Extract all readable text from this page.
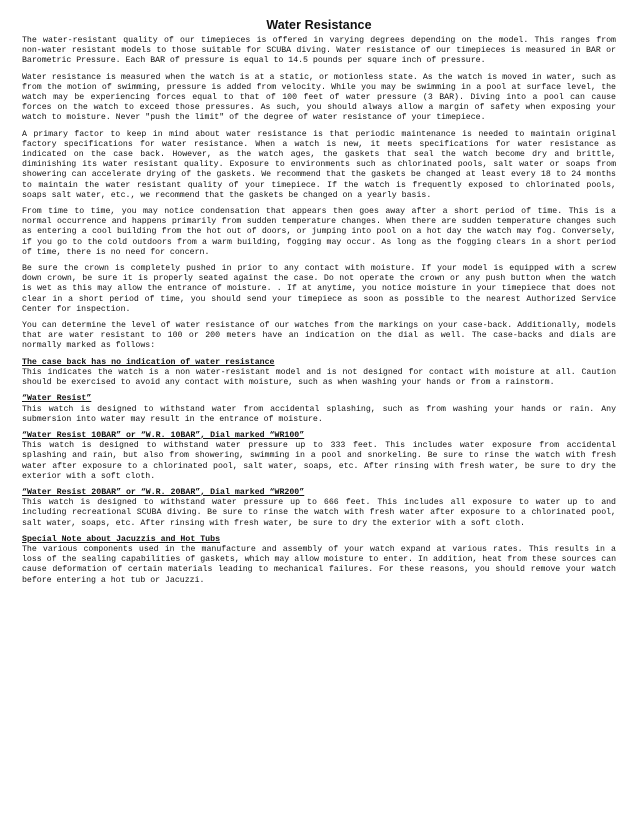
Water Resistance

The water-resistant quality of our timepieces is offered in varying degrees depending on the model. This ranges from non-water resistant models to those suitable for SCUBA diving. Water resistance of our timepieces is measured in BAR or Barometric Pressure. Each BAR of pressure is equal to 14.5 pounds per square inch of pressure.

Water resistance is measured when the watch is at a static, or motionless state. As the watch is moved in water, such as from the motion of swimming, pressure is added from velocity. While you may be swimming in a pool at surface level, the watch may be experiencing forces equal to that of 100 feet of water pressure (3 BAR). Diving into a pool can cause forces on the watch to exceed those pressures. As such, you should always allow a margin of safety when exposing your watch to moisture. Never "push the limit" of the degree of water resistance of your timepiece.

A primary factor to keep in mind about water resistance is that periodic maintenance is needed to maintain original factory specifications for water resistance. When a watch is new, it meets specifications for water resistance as indicated on the case back. However, as the watch ages, the gaskets that seal the watch become dry and brittle, diminishing its water resistant quality. Exposure to environments such as chlorinated pools, salt water or soaps from showering can accelerate drying of the gaskets. We recommend that the gaskets be changed at least every 18 to 24 months to maintain the water resistant quality of your timepiece. If the watch is frequently exposed to chlorinated pools, soaps salt water, etc., we recommend that the gaskets be changed on a yearly basis.

From time to time, you may notice condensation that appears then goes away after a short period of time. This is a normal occurrence and happens primarily from sudden temperature changes. When there are sudden temperature changes such as entering a cool building from the hot out of doors, or jumping into pool on a hot day the watch may fog. Conversely, if you go to the cold outdoors from a warm building, fogging may occur. As long as the fogging clears in a short period of time, there is no need for concern.

Be sure the crown is completely pushed in prior to any contact with moisture. If your model is equipped with a screw down crown, be sure it is properly seated against the case. Do not operate the crown or any push button when the watch is wet as this may allow the entrance of moisture. . If at anytime, you notice moisture in your timepiece that does not clear in a short period of time, you should send your timepiece as soon as possible to the nearest Authorized Service Center for inspection.

You can determine the level of water resistance of our watches from the markings on your case-back. Additionally, models that are water resistant to 100 or 200 meters have an indication on the dial as well. The case-backs and dials are normally marked as follows:

The case back has no indication of water resistance

This indicates the watch is a non water-resistant model and is not designed for contact with moisture at all. Caution should be exercised to avoid any contact with moisture, such as when washing your hands or from a rainstorm.

“Water Resist”

This watch is designed to withstand water from accidental splashing, such as from washing your hands or rain. Any submersion into water may result in the entrance of moisture.

“Water Resist 10BAR” or “W.R. 10BAR”, Dial marked “WR100”

This watch is designed to withstand water pressure up to 333 feet. This includes water exposure from accidental splashing and rain, but also from showering, swimming in a pool and snorkeling. Be sure to rinse the watch with fresh water after exposure to a chlorinated pool, salt water, soaps, etc. After rinsing with fresh water, be sure to dry the exterior with a soft cloth.

“Water Resist 20BAR” or “W.R. 20BAR”, Dial marked “WR200”

This watch is designed to withstand water pressure up to 666 feet. This includes all exposure to water up to and including recreational SCUBA diving. Be sure to rinse the watch with fresh water after exposure to a chlorinated pool, salt water, soaps, etc. After rinsing with fresh water, be sure to dry the exterior with a soft cloth.

Special Note about Jacuzzis and Hot Tubs

The various components used in the manufacture and assembly of your watch expand at various rates. This results in a loss of the sealing capabilities of gaskets, which may allow moisture to enter. In addition, heat from these sources can cause deformation of certain materials leading to mechanical failures. For these reasons, you should remove your watch before entering a hot tub or Jacuzzi.
